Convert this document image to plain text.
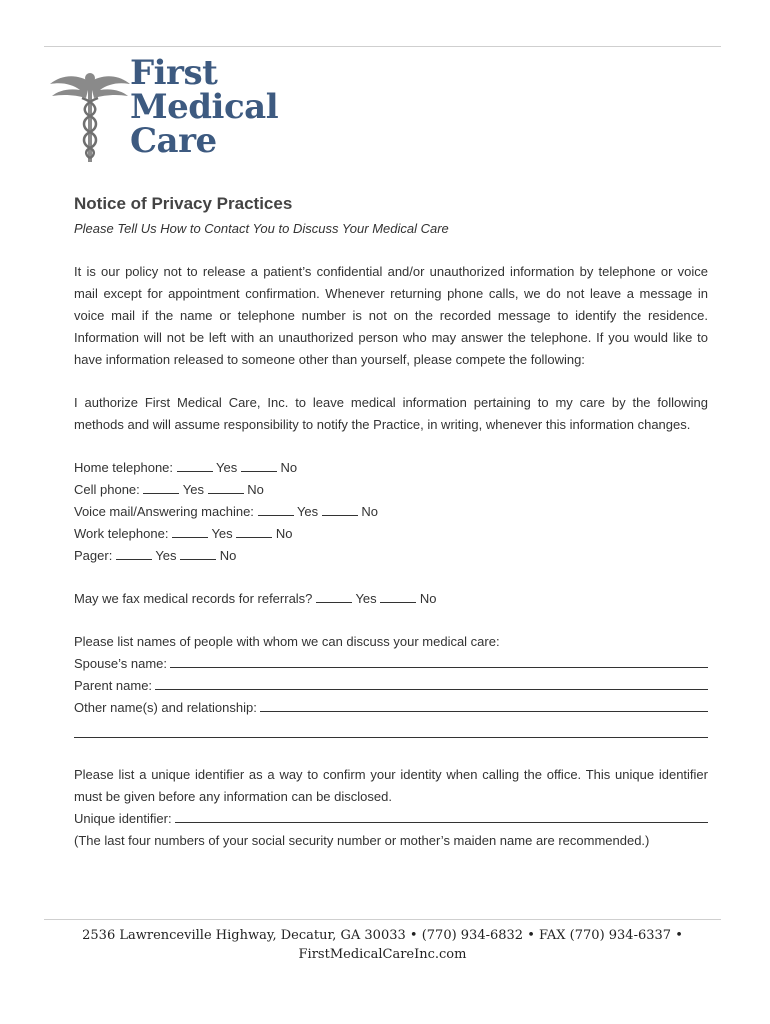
First
Medical
Care
Notice of Privacy Practices
Please Tell Us How to Contact You to Discuss Your Medical Care

It is our policy not to release a patient’s confidential and/or unauthorized information by telephone or voice mail except for appointment confirmation. Whenever returning phone calls, we do not leave a message in voice mail if the name or telephone number is not on the recorded message to identify the residence. Information will not be left with an unauthorized person who may answer the telephone. If you would like to have information released to someone other than yourself, please compete the following:

I authorize First Medical Care, Inc. to leave medical information pertaining to my care by the following methods and will assume responsibility to notify the Practice, in writing, whenever this information changes.

Home telephone:	Yes	No
Cell phone:	Yes	No
Voice mail/Answering machine:	Yes	No
Work telephone:	Yes	No
Pager:	Yes	No
May we fax medical records for referrals?	Yes	No
Please list names of people with whom we can discuss your medical care:
Spouse’s name:
Parent name:
Other name(s) and relationship:

Please list a unique identifier as a way to confirm your identity when calling the office. This unique identifier must be given before any information can be disclosed.

Unique identifier:
(The last four numbers of your social security number or mother’s maiden name are recommended.)
2536 Lawrenceville Highway, Decatur, GA 30033 • (770) 934-6832 • FAX (770) 934-6337 •
FirstMedicalCareInc.com
